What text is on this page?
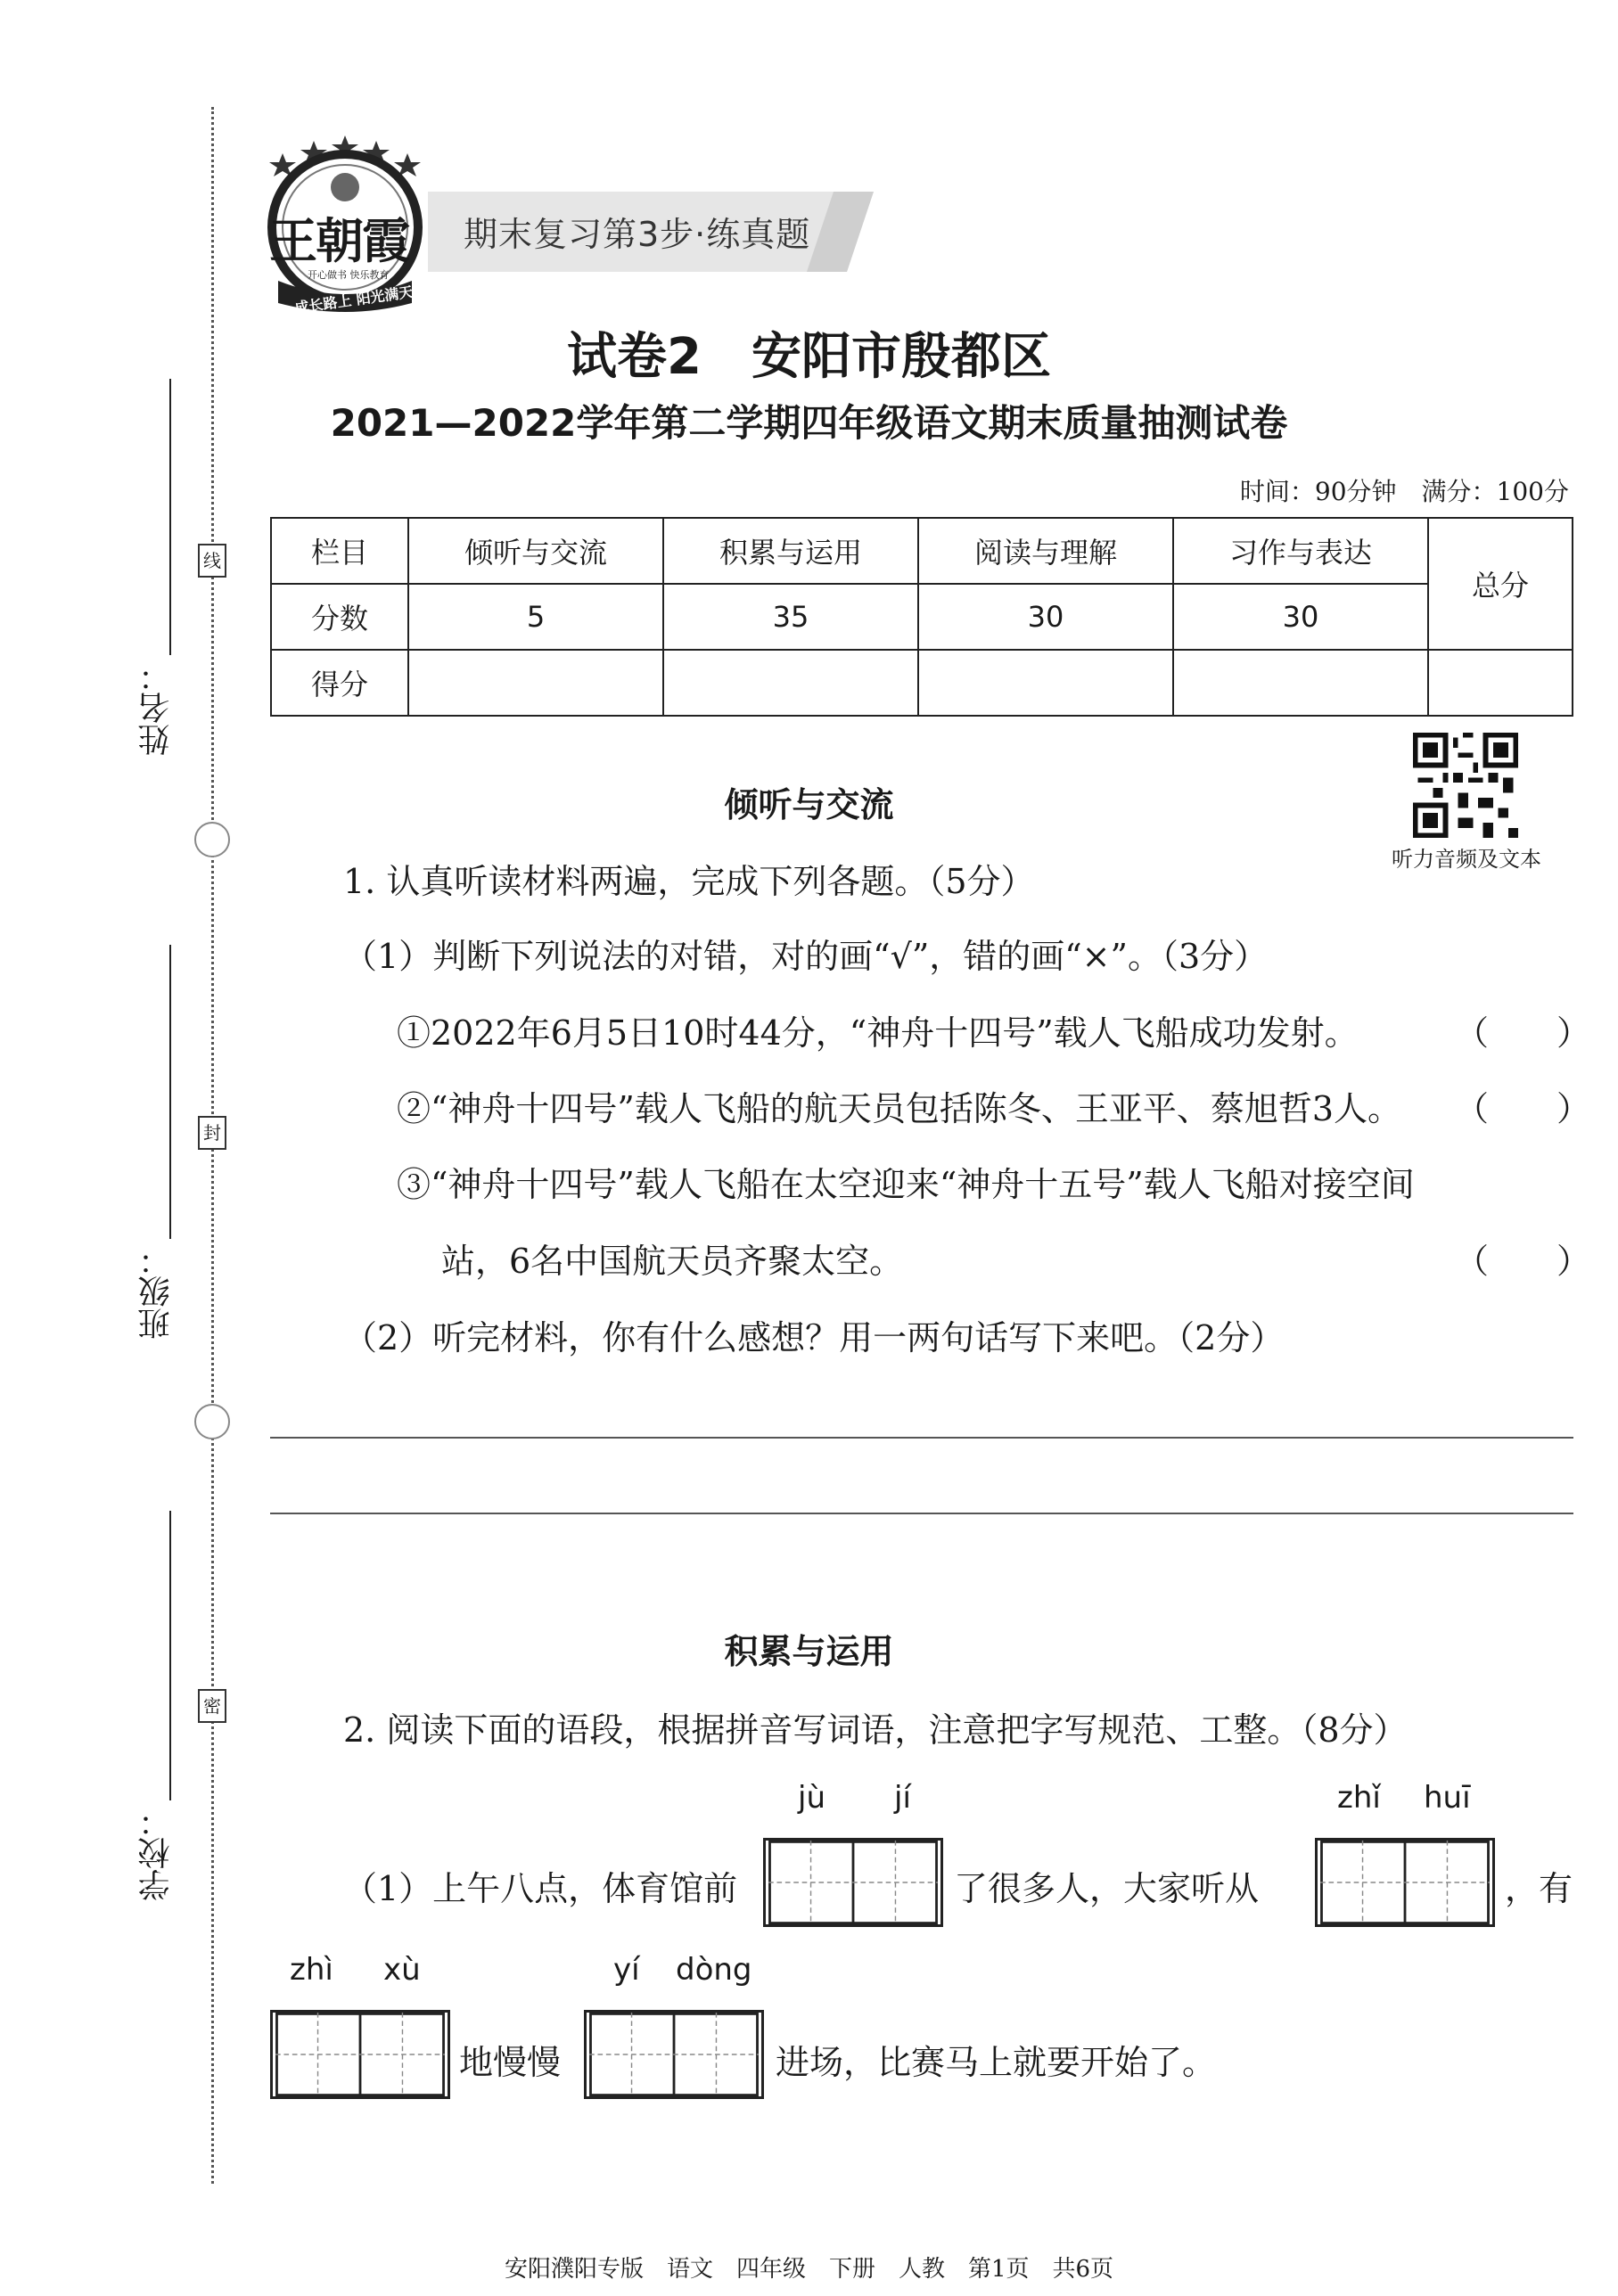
线
封
密
姓名：
班级：
学校：
王朝霞
开心做书 快乐教育
成长路上 阳光满天
期末复习第3步·练真题
试卷2　安阳市殷都区
2021—2022学年第二学期四年级语文期末质量抽测试卷
时间：90分钟　满分：100分
栏目	倾听与交流	积累与运用	阅读与理解	习作与表达	总分
分数	5	35	30	30	
得分					
听力音频及文本
倾听与交流
1. 认真听读材料两遍，完成下列各题。（5分）
（1）判断下列说法的对错，对的画“√”，错的画“×”。（3分）
①2022年6月5日10时44分，“神舟十四号”载人飞船成功发射。	（　　）
②“神舟十四号”载人飞船的航天员包括陈冬、王亚平、蔡旭哲3人。 （　　）
③“神舟十四号”载人飞船在太空迎来“神舟十五号”载人飞船对接空间
站，6名中国航天员齐聚太空。	（　　）
（2）听完材料，你有什么感想？用一两句话写下来吧。（2分）
积累与运用
2. 阅读下面的语段，根据拼音写词语，注意把字写规范、工整。（8分）
jù jí	zhǐ huī
（1）上午八点，体育馆前	了很多人，大家听从	，有
zhì xù	yí dòng
地慢慢	进场，比赛马上就要开始了。
安阳濮阳专版　语文　四年级　下册　人教　第1页　共6页
